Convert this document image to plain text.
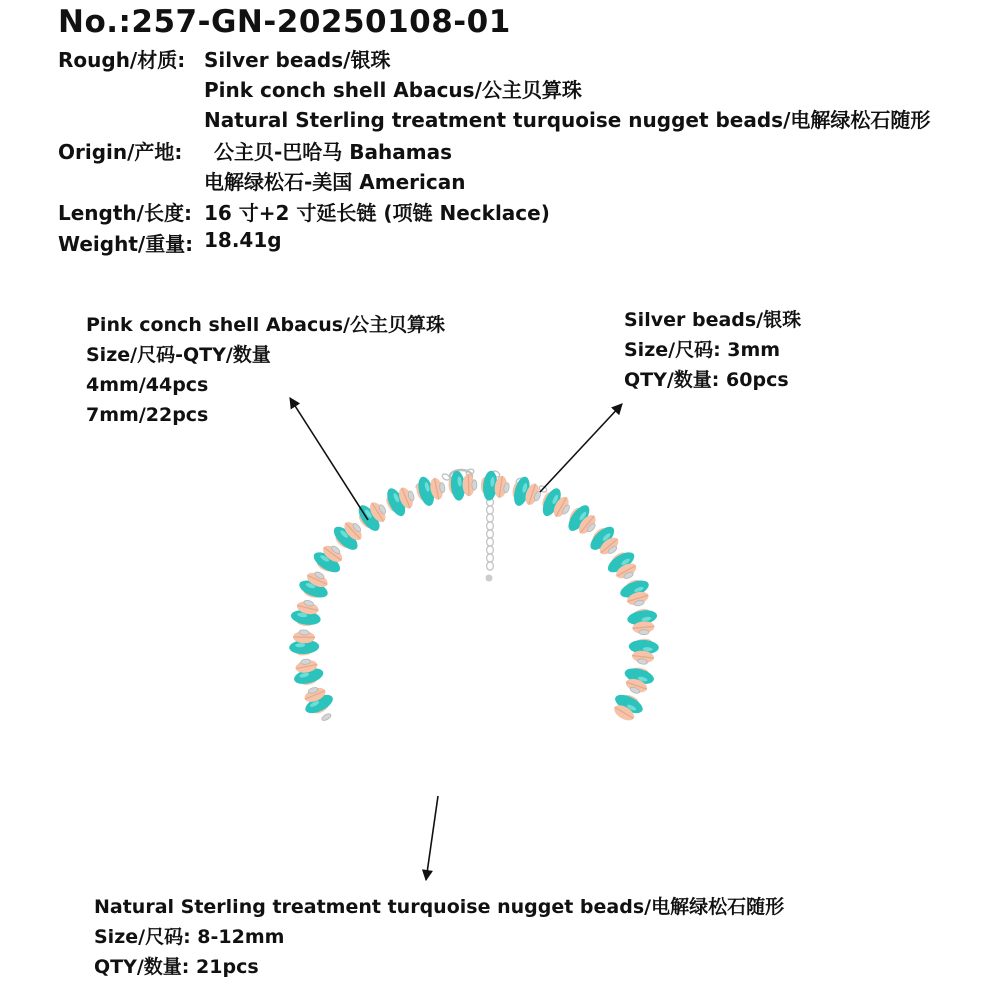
No.:257-GN-20250108-01
Rough/材质: Silver beads/银珠
Pink conch shell Abacus/公主贝算珠
Natural Sterling treatment turquoise nugget beads/电解绿松石随形
Origin/产地: 公主贝-巴哈马 Bahamas
电解绿松石-美国 American
Length/长度: 16 寸+2 寸延长链 (项链 Necklace)
Weight/重量: 18.41g
Pink conch shell Abacus/公主贝算珠
Size/尺码-QTY/数量
4mm/44pcs
7mm/22pcs
Silver beads/银珠
Size/尺码: 3mm
QTY/数量: 60pcs
Natural Sterling treatment turquoise nugget beads/电解绿松石随形
Size/尺码: 8-12mm
QTY/数量: 21pcs
